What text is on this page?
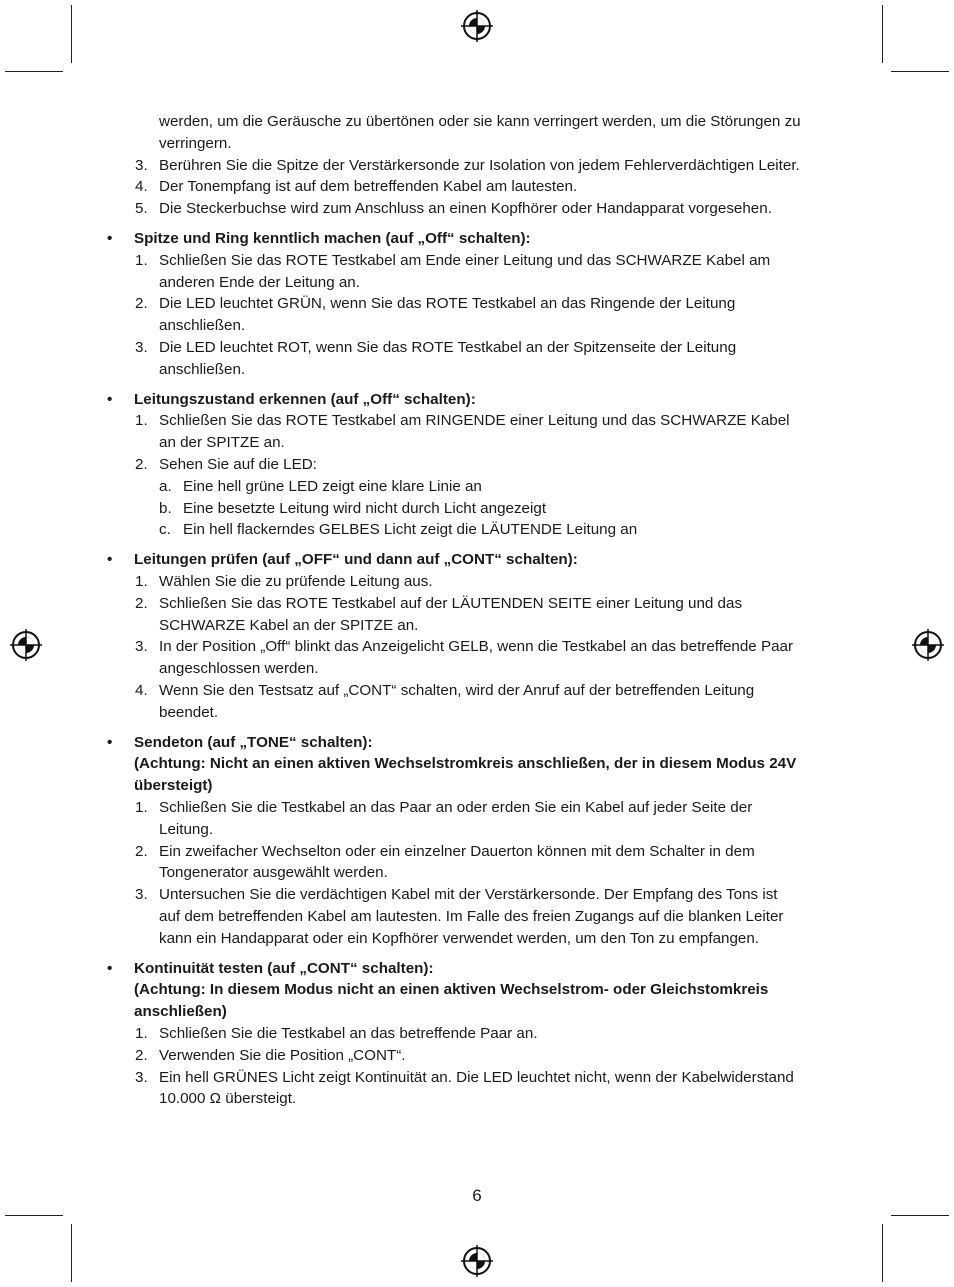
werden, um die Geräusche zu übertönen oder sie kann verringert werden, um die Störungen zu
verringern.
3. Berühren Sie die Spitze der Verstärkersonde zur Isolation von jedem Fehlerverdächtigen Leiter.
4. Der Tonempfang ist auf dem betreffenden Kabel am lautesten.
5. Die Steckerbuchse wird zum Anschluss an einen Kopfhörer oder Handapparat vorgesehen.
• Spitze und Ring kenntlich machen (auf „Off“ schalten):
1. Schließen Sie das ROTE Testkabel am Ende einer Leitung und das SCHWARZE Kabel am
anderen Ende der Leitung an.
2. Die LED leuchtet GRÜN, wenn Sie das ROTE Testkabel an das Ringende der Leitung
anschließen.
3. Die LED leuchtet ROT, wenn Sie das ROTE Testkabel an der Spitzenseite der Leitung
anschließen.
• Leitungszustand erkennen (auf „Off“ schalten):
1. Schließen Sie das ROTE Testkabel am RINGENDE einer Leitung und das SCHWARZE Kabel
an der SPITZE an.
2. Sehen Sie auf die LED:
a. Eine hell grüne LED zeigt eine klare Linie an
b. Eine besetzte Leitung wird nicht durch Licht angezeigt
c. Ein hell flackerndes GELBES Licht zeigt die LÄUTENDE Leitung an
• Leitungen prüfen (auf „OFF“ und dann auf „CONT“ schalten):
1. Wählen Sie die zu prüfende Leitung aus.
2. Schließen Sie das ROTE Testkabel auf der LÄUTENDEN SEITE einer Leitung und das
SCHWARZE Kabel an der SPITZE an.
3. In der Position „Off“ blinkt das Anzeigelicht GELB, wenn die Testkabel an das betreffende Paar
angeschlossen werden.
4. Wenn Sie den Testsatz auf „CONT“ schalten, wird der Anruf auf der betreffenden Leitung
beendet.
• Sendeton (auf „TONE“ schalten):
(Achtung: Nicht an einen aktiven Wechselstromkreis anschließen, der in diesem Modus 24V
übersteigt)
1. Schließen Sie die Testkabel an das Paar an oder erden Sie ein Kabel auf jeder Seite der
Leitung.
2. Ein zweifacher Wechselton oder ein einzelner Dauerton können mit dem Schalter in dem
Tongenerator ausgewählt werden.
3. Untersuchen Sie die verdächtigen Kabel mit der Verstärkersonde. Der Empfang des Tons ist
auf dem betreffenden Kabel am lautesten. Im Falle des freien Zugangs auf die blanken Leiter
kann ein Handapparat oder ein Kopfhörer verwendet werden, um den Ton zu empfangen.
• Kontinuität testen (auf „CONT“ schalten):
(Achtung: In diesem Modus nicht an einen aktiven Wechselstrom- oder Gleichstomkreis
anschließen)
1. Schließen Sie die Testkabel an das betreffende Paar an.
2. Verwenden Sie die Position „CONT“.
3. Ein hell GRÜNES Licht zeigt Kontinuität an. Die LED leuchtet nicht, wenn der Kabelwiderstand
10.000 Ω übersteigt.
6
